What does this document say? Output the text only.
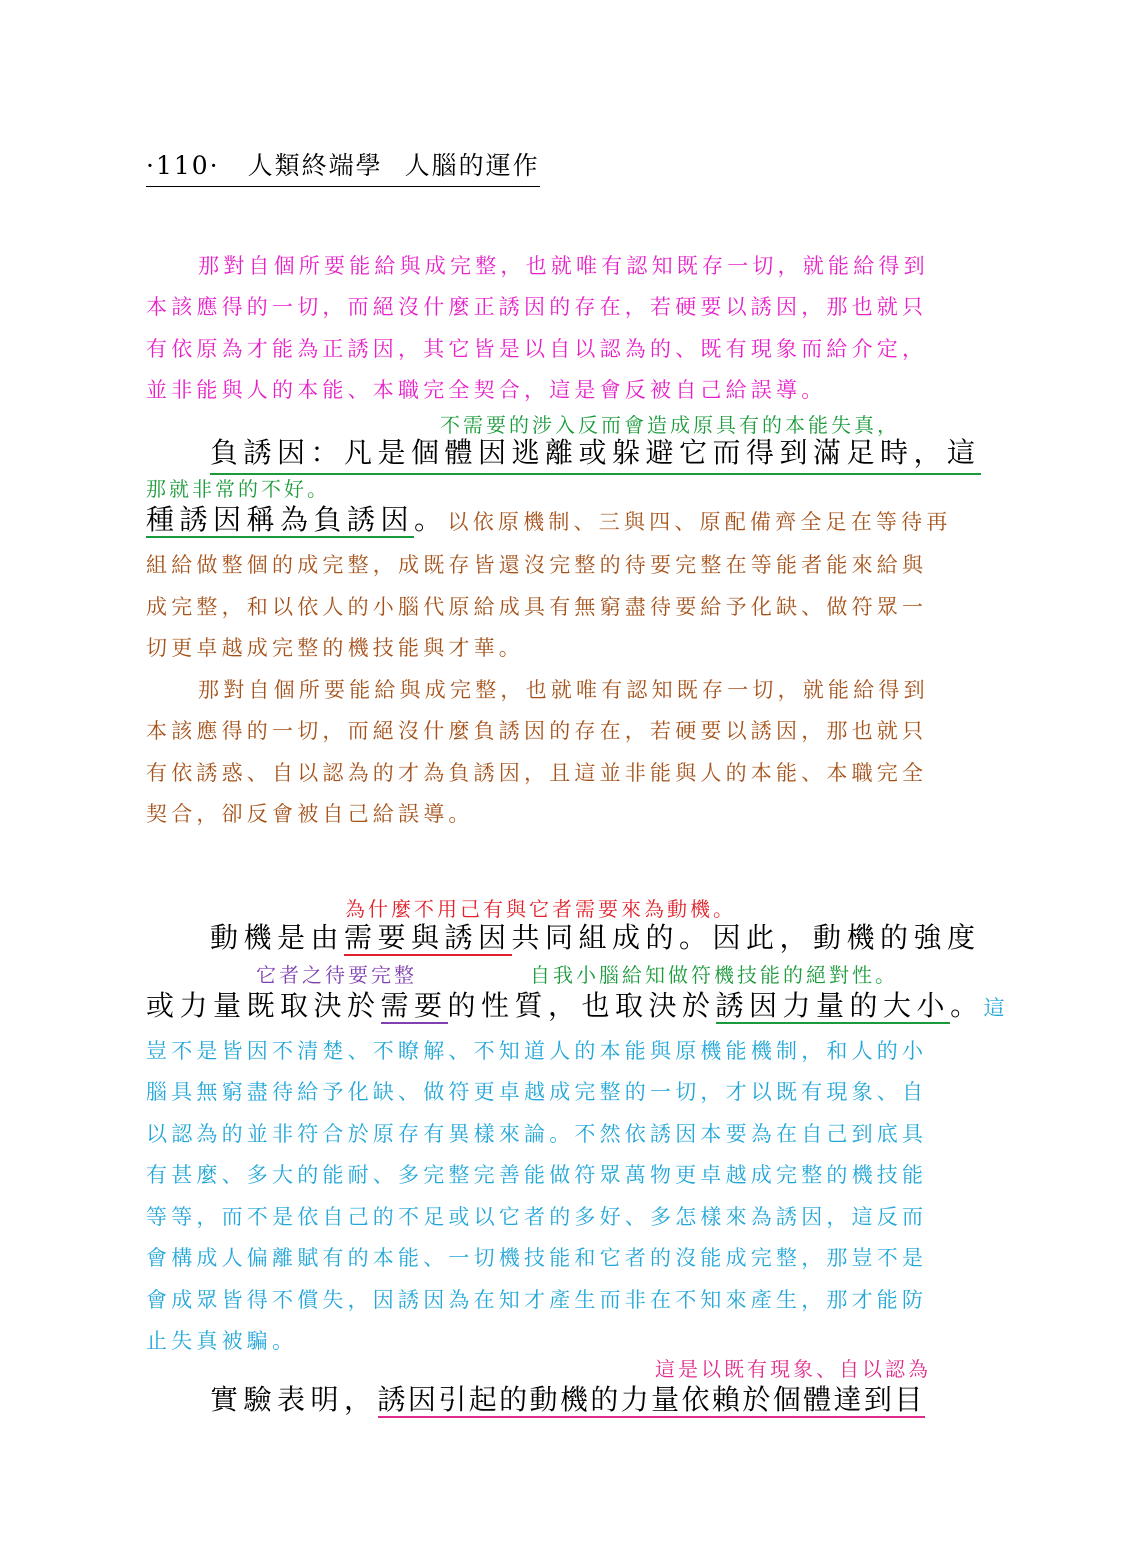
·110· 人類終端學 人腦的運作
那對自個所要能給與成完整，也就唯有認知既存一切，就能給得到
本該應得的一切，而絕沒什麼正誘因的存在，若硬要以誘因，那也就只
有依原為才能為正誘因，其它皆是以自以認為的、既有現象而給介定，
並非能與人的本能、本職完全契合，這是會反被自己給誤導。
不需要的涉入反而會造成原具有的本能失真，
負誘因：凡是個體因逃離或躲避它而得到滿足時，這
那就非常的不好。
種誘因稱為負誘因。以依原機制、三與四、原配備齊全足在等待再
組給做整個的成完整，成既存皆還沒完整的待要完整在等能者能來給與
成完整，和以依人的小腦代原給成具有無窮盡待要給予化缺、做符眾一
切更卓越成完整的機技能與才華。
那對自個所要能給與成完整，也就唯有認知既存一切，就能給得到
本該應得的一切，而絕沒什麼負誘因的存在，若硬要以誘因，那也就只
有依誘惑、自以認為的才為負誘因，且這並非能與人的本能、本職完全
契合，卻反會被自己給誤導。
為什麼不用己有與它者需要來為動機。
動機是由需要與誘因共同組成的。因此，動機的強度
它者之待要完整	自我小腦給知做符機技能的絕對性。
或力量既取決於需要的性質，也取決於誘因力量的大小。這
豈不是皆因不清楚、不瞭解、不知道人的本能與原機能機制，和人的小
腦具無窮盡待給予化缺、做符更卓越成完整的一切，才以既有現象、自
以認為的並非符合於原存有異樣來論。不然依誘因本要為在自己到底具
有甚麼、多大的能耐、多完整完善能做符眾萬物更卓越成完整的機技能
等等，而不是依自己的不足或以它者的多好、多怎樣來為誘因，這反而
會構成人偏離賦有的本能、一切機技能和它者的沒能成完整，那豈不是
會成眾皆得不償失，因誘因為在知才產生而非在不知來產生，那才能防
止失真被騙。
這是以既有現象、自以認為
實驗表明，誘因引起的動機的力量依賴於個體達到目
